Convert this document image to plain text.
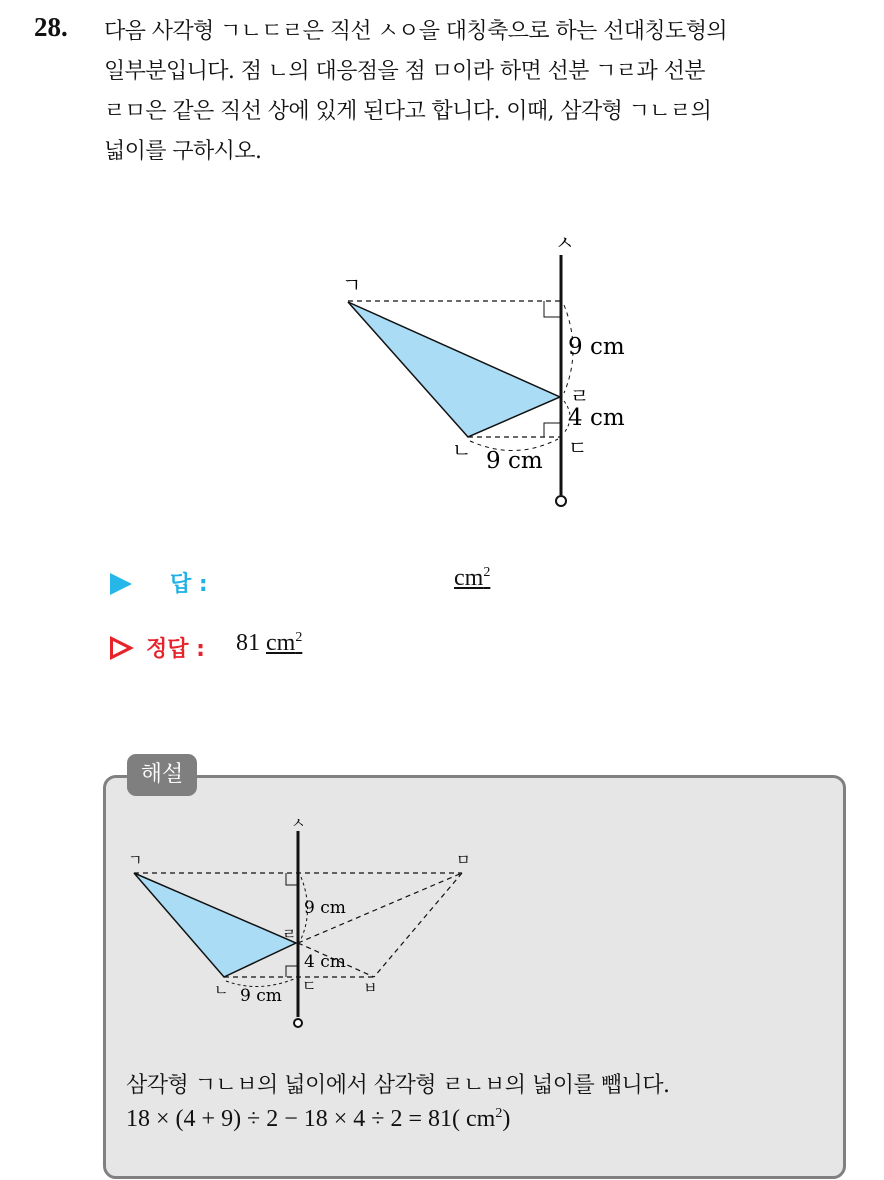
28. 다음 사각형 ㄱㄴㄷㄹ은 직선 ㅅㅇ을 대칭축으로 하는 선대칭도형의

일부분입니다. 점 ㄴ의 대응점을 점 ㅁ이라 하면 선분 ㄱㄹ과 선분

ㄹㅁ은 같은 직선 상에 있게 된다고 합니다. 이때, 삼각형 ㄱㄴㄹ의

넓이를 구하시오.

ㅅ
ㄱ
ㄹ
ㄴ	ㄷ
9 cm
4 cm
9 cm
답 :	$cm^2$
정답 : 81 $cm^2$
해설
ㅅ
ㄱ	ㅁ
ㄹ
ㄴ	ㄷ	ㅂ
9 cm
4 cm
9 cm
삼각형 ㄱㄴㅂ의 넓이에서 삼각형 ㄹㄴㅂ의 넓이를 뺍니다.
18 × (4 + 9) ÷ 2 − 18 × 4 ÷ 2 = 81( $cm^2$)
